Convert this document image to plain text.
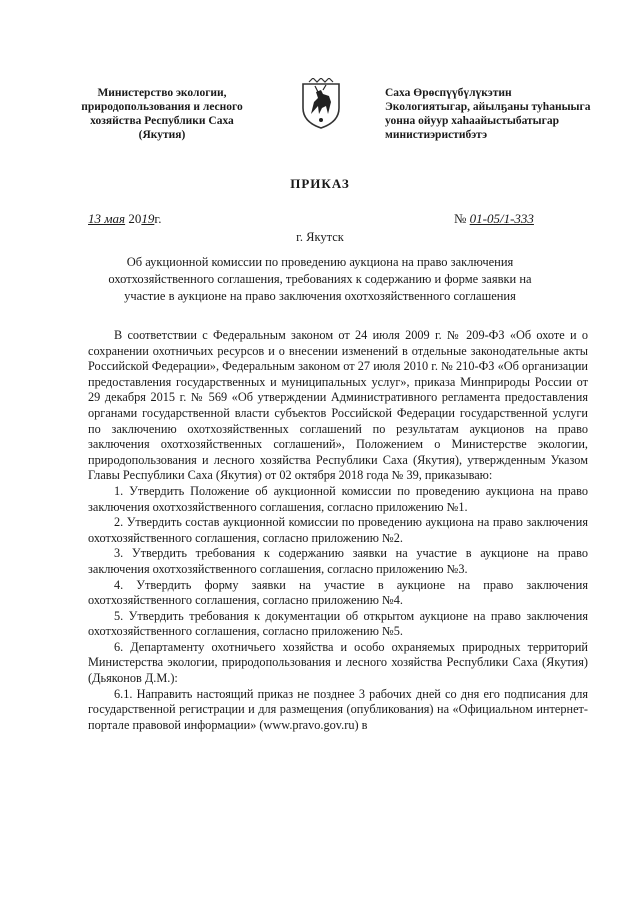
Министерство экологии,
природопользования и лесного
хозяйства Республики Саха
(Якутия)
Саха Өрөспүүбүлүкэтин
Экологиятыгар, айылҕаны туһаныыга
уонна ойуур хаһаайыстыбатыгар
министиэристибэтэ
ПРИКАЗ
13 мая 2019г.	№ 01-05/1-333
г. Якутск
Об аукционной комиссии по проведению аукциона на право заключения
охотхозяйственного соглашения, требованиях к содержанию и форме заявки на
участие в аукционе на право заключения охотхозяйственного соглашения

В соответствии с Федеральным законом от 24 июля 2009 г. № 209-ФЗ «Об охоте и о сохранении охотничьих ресурсов и о внесении изменений в отдельные законодательные акты Российской Федерации», Федеральным законом от 27 июля 2010 г. № 210-ФЗ «Об организации предоставления государственных и муниципальных услуг», приказа Минприроды России от 29 декабря 2015 г. № 569 «Об утверждении Административного регламента предоставления органами государственной власти субъектов Российской Федерации государственной услуги по заключению охотхозяйственных соглашений по результатам аукционов на право заключения охотхозяйственных соглашений», Положением о Министерстве экологии, природопользования и лесного хозяйства Республики Саха (Якутия), утвержденным Указом Главы Республики Саха (Якутия) от 02 октября 2018 года № 39, приказываю:

1. Утвердить Положение об аукционной комиссии по проведению аукциона на право заключения охотхозяйственного соглашения, согласно приложению №1.

2. Утвердить состав аукционной комиссии по проведению аукциона на право заключения охотхозяйственного соглашения, согласно приложению №2.

3. Утвердить требования к содержанию заявки на участие в аукционе на право заключения охотхозяйственного соглашения, согласно приложению №3.

4. Утвердить форму заявки на участие в аукционе на право заключения охотхозяйственного соглашения, согласно приложению №4.

5. Утвердить требования к документации об открытом аукционе на право заключения охотхозяйственного соглашения, согласно приложению №5.

6. Департаменту охотничьего хозяйства и особо охраняемых природных территорий Министерства экологии, природопользования и лесного хозяйства Республики Саха (Якутия) (Дьяконов Д.М.):

6.1. Направить настоящий приказ не позднее 3 рабочих дней со дня его подписания для государственной регистрации и для размещения (опубликования) на «Официальном интернет-портале правовой информации» (www.pravo.gov.ru) в
